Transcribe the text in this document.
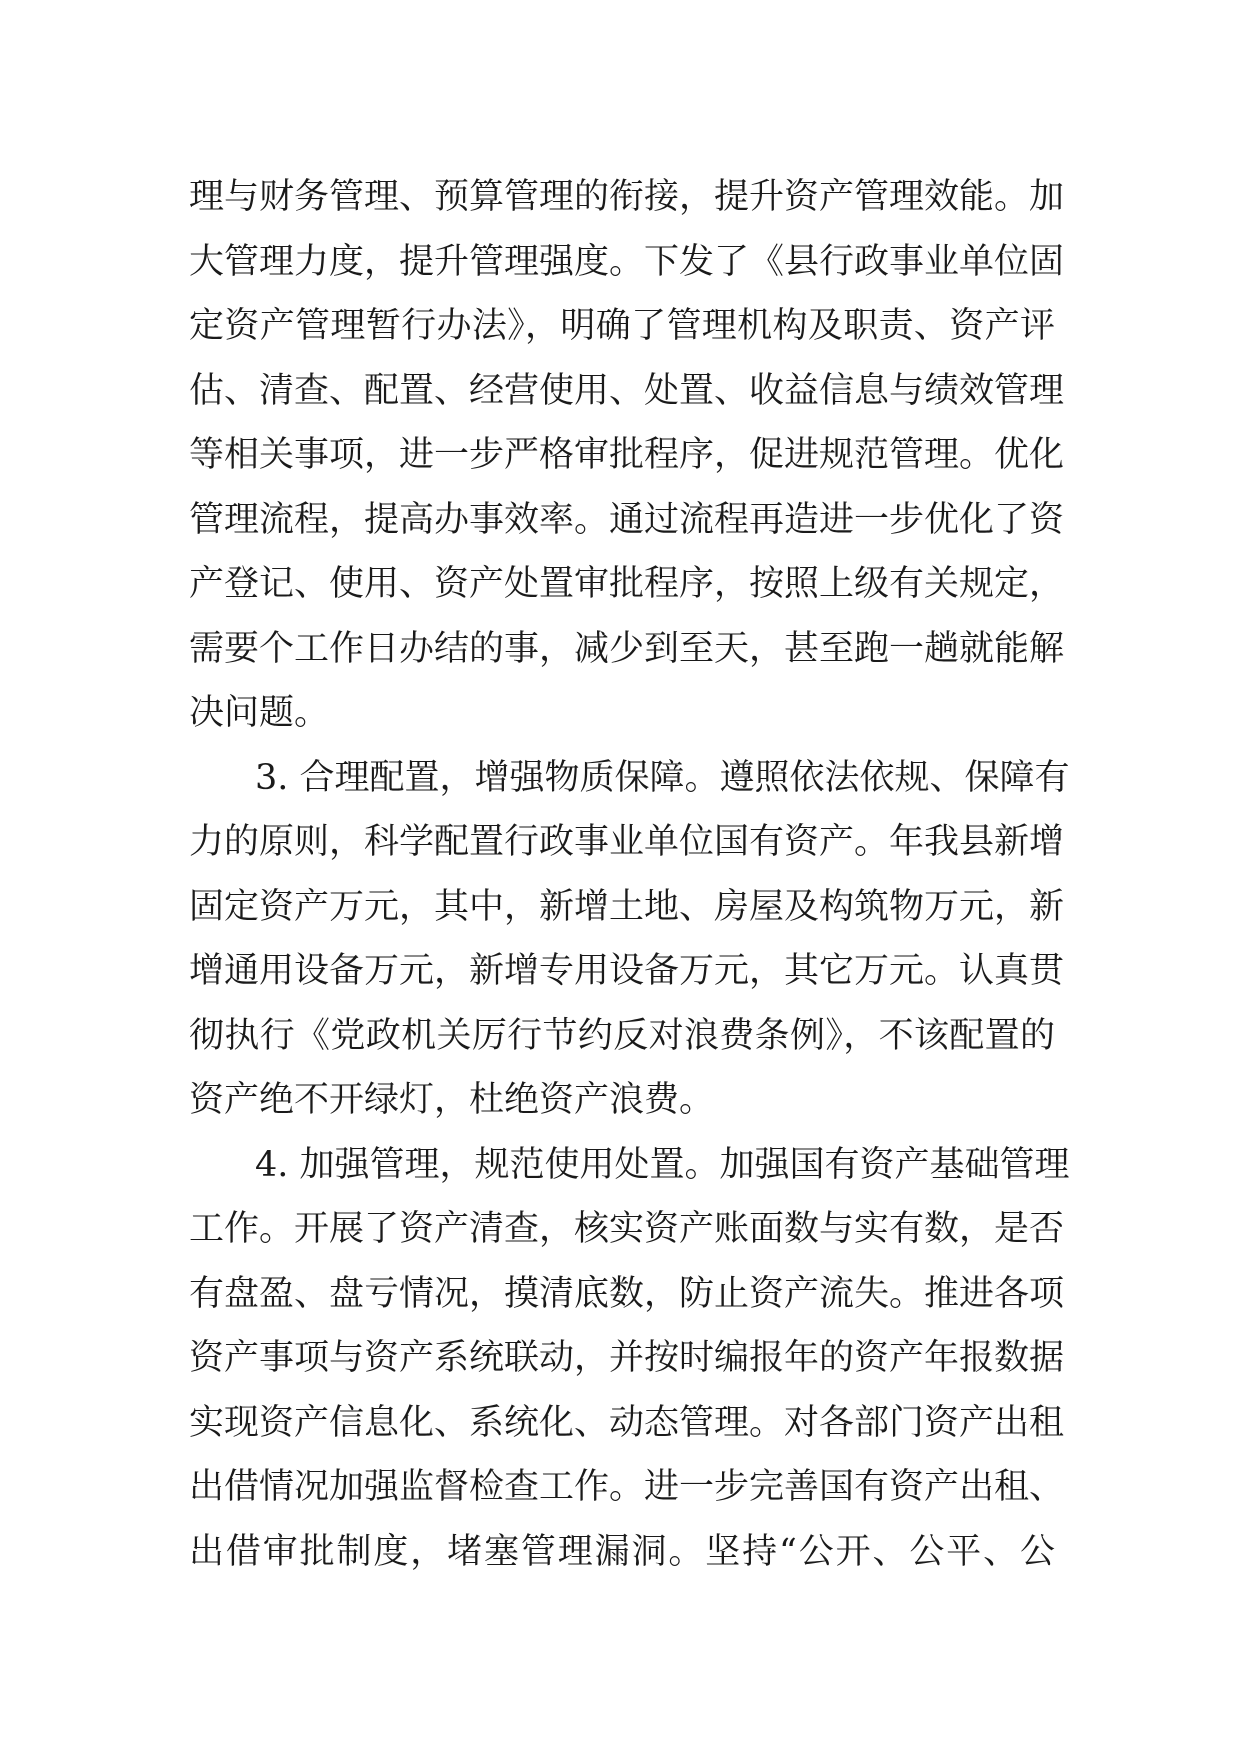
理与财务管理、预算管理的衔接，提升资产管理效能。加
大管理力度，提升管理强度。下发了《县行政事业单位固
定资产管理暂行办法》，明确了管理机构及职责、资产评
估、清查、配置、经营使用、处置、收益信息与绩效管理
等相关事项，进一步严格审批程序，促进规范管理。优化
管理流程，提高办事效率。通过流程再造进一步优化了资
产登记、使用、资产处置审批程序，按照上级有关规定，
需要个工作日办结的事，减少到至天，甚至跑一趟就能解
决问题。
3. 合理配置，增强物质保障。遵照依法依规、保障有
力的原则，科学配置行政事业单位国有资产。年我县新增
固定资产万元，其中，新增土地、房屋及构筑物万元，新
增通用设备万元，新增专用设备万元，其它万元。认真贯
彻执行《党政机关厉行节约反对浪费条例》，不该配置的
资产绝不开绿灯，杜绝资产浪费。
4. 加强管理，规范使用处置。加强国有资产基础管理
工作。开展了资产清查，核实资产账面数与实有数，是否
有盘盈、盘亏情况，摸清底数，防止资产流失。推进各项
资产事项与资产系统联动，并按时编报年的资产年报数据
实现资产信息化、系统化、动态管理。对各部门资产出租
出借情况加强监督检查工作。进一步完善国有资产出租、
出借审批制度，堵塞管理漏洞。坚持“公开、公平、公
